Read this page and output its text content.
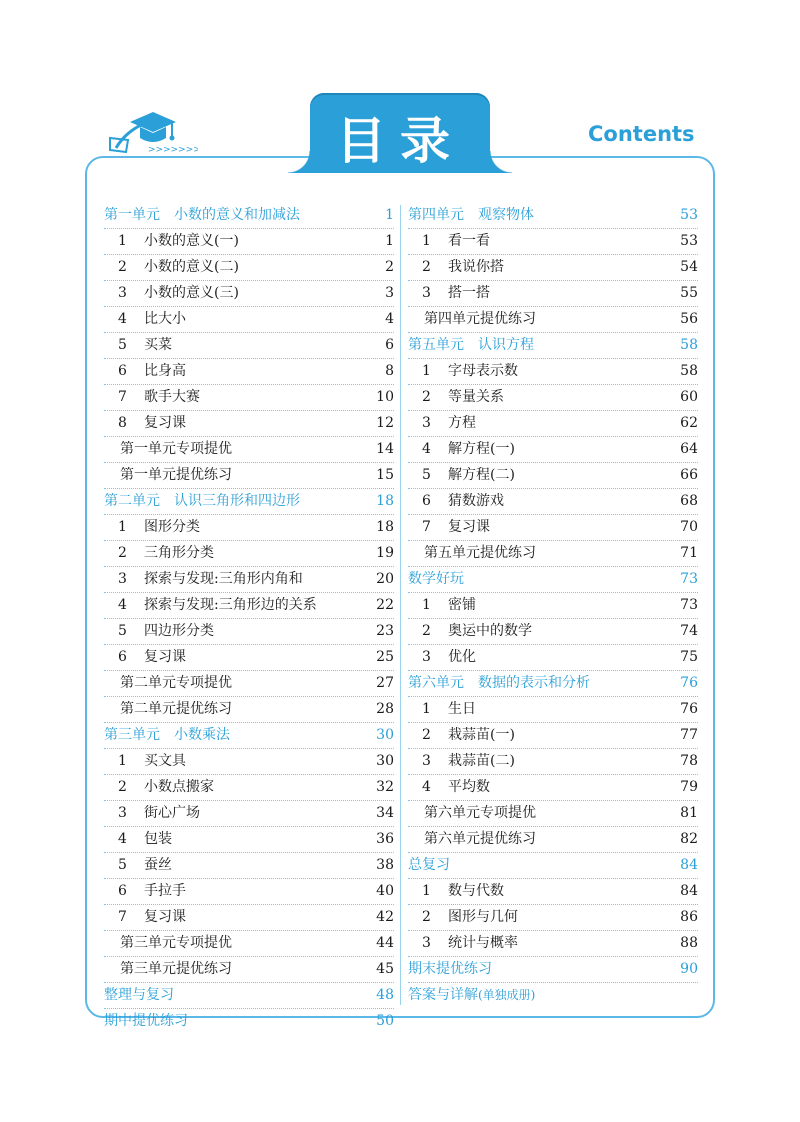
>>>>>>>	目录	Contents
第一单元 小数的意义和加减法	1
1 小数的意义(一)	1
2 小数的意义(二)	2
3 小数的意义(三)	3
4 比大小	4
5 买菜	6
6 比身高	8
7 歌手大赛	10
8 复习课	12
第一单元专项提优	14
第一单元提优练习	15
第二单元 认识三角形和四边形	18
1 图形分类	18
2 三角形分类	19
3 探索与发现:三角形内角和	20
4 探索与发现:三角形边的关系	22
5 四边形分类	23
6 复习课	25
第二单元专项提优	27
第二单元提优练习	28
第三单元 小数乘法	30
1 买文具	30
2 小数点搬家	32
3 街心广场	34
4 包装	36
5 蚕丝	38
6 手拉手	40
7 复习课	42
第三单元专项提优	44
第三单元提优练习	45
整理与复习	48
期中提优练习	50
第四单元 观察物体	53
1 看一看	53
2 我说你搭	54
3 搭一搭	55
第四单元提优练习	56
第五单元 认识方程	58
1 字母表示数	58
2 等量关系	60
3 方程	62
4 解方程(一)	64
5 解方程(二)	66
6 猜数游戏	68
7 复习课	70
第五单元提优练习	71
数学好玩	73
1 密铺	73
2 奥运中的数学	74
3 优化	75
第六单元 数据的表示和分析	76
1 生日	76
2 栽蒜苗(一)	77
3 栽蒜苗(二)	78
4 平均数	79
第六单元专项提优	81
第六单元提优练习	82
总复习	84
1 数与代数	84
2 图形与几何	86
3 统计与概率	88
期末提优练习	90
答案与详解(单独成册)
